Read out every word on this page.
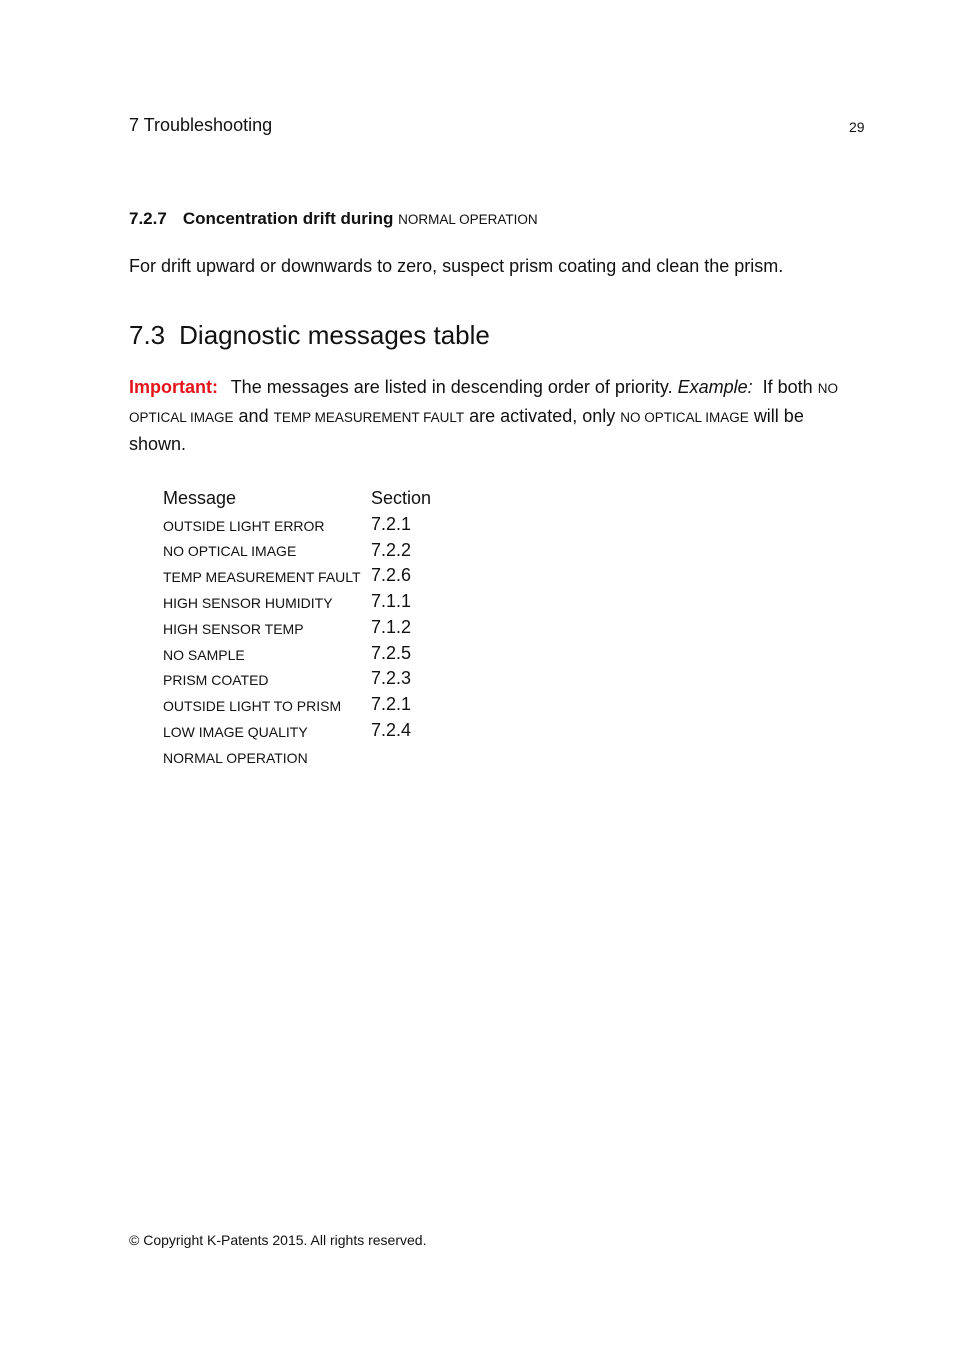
7 Troubleshooting	29
7.2.7 Concentration drift during NORMAL OPERATION
For drift upward or downwards to zero, suspect prism coating and clean the prism.
7.3 Diagnostic messages table
Important: The messages are listed in descending order of priority. Example: If both NO OPTICAL IMAGE and TEMP MEASUREMENT FAULT are activated, only NO OPTICAL IMAGE will be shown.
Message	Section
OUTSIDE LIGHT ERROR	7.2.1
NO OPTICAL IMAGE	7.2.2
TEMP MEASUREMENT FAULT 7.2.6
HIGH SENSOR HUMIDITY 7.1.1
HIGH SENSOR TEMP	7.1.2
NO SAMPLE	7.2.5
PRISM COATED	7.2.3
OUTSIDE LIGHT TO PRISM 7.2.1
LOW IMAGE QUALITY	7.2.4
NORMAL OPERATION
© Copyright K-Patents 2015. All rights reserved.
